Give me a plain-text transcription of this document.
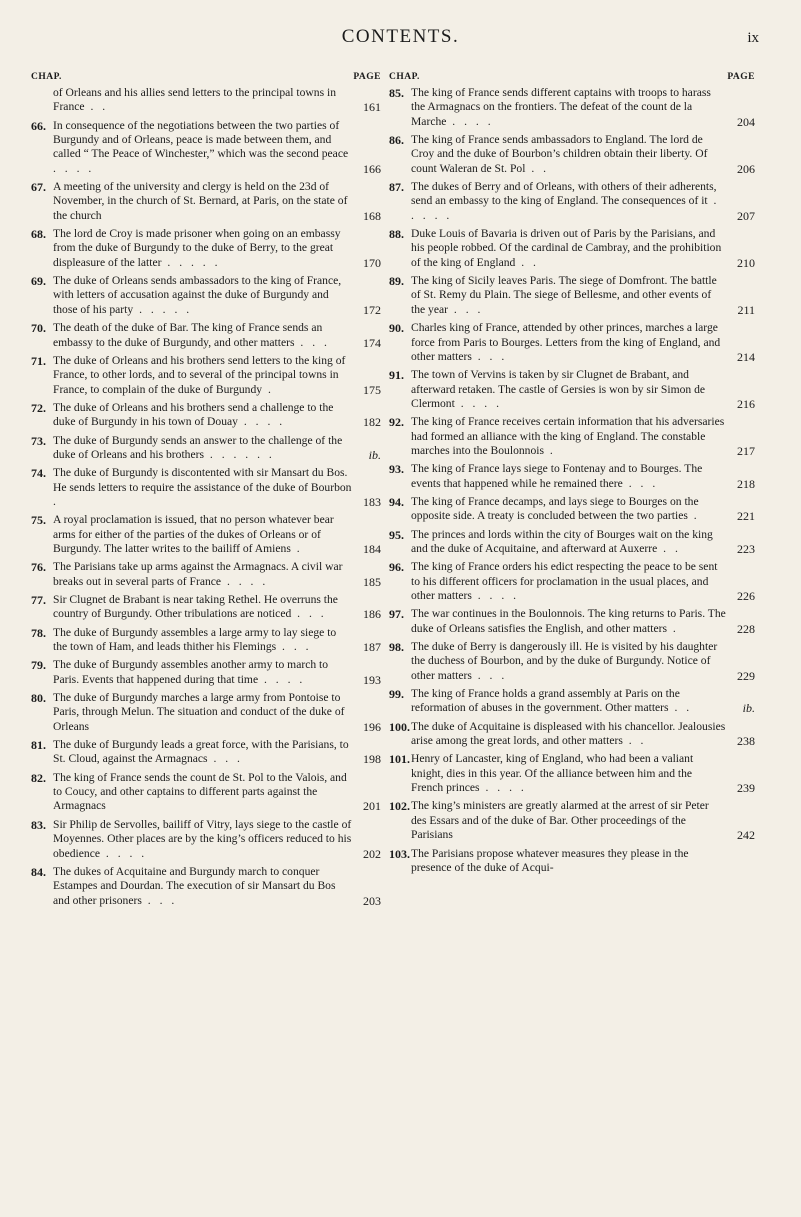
CONTENTS.	ix
CHAP.	PAGE
of Orleans and his allies send letters to the principal towns in France . .	161
66. In consequence of the negotiations between the two parties of Burgundy and of Orleans, peace is made between them, and called “ The Peace of Winchester,” which was the second peace . . . .	166
67. A meeting of the university and clergy is held on the 23d of November, in the church of St. Bernard, at Paris, on the state of the church	168
68. The lord de Croy is made prisoner when going on an embassy from the duke of Burgundy to the duke of Berry, to the great displeasure of the latter . . . . .	170
69. The duke of Orleans sends ambassadors to the king of France, with letters of accusation against the duke of Burgundy and those of his party . . . . .	172
70. The death of the duke of Bar. The king of France sends an embassy to the duke of Burgundy, and other matters . . .	174
71. The duke of Orleans and his brothers send letters to the king of France, to other lords, and to several of the principal towns in France, to complain of the duke of Burgundy .	175
72. The duke of Orleans and his brothers send a challenge to the duke of Burgundy in his town of Douay . . . .	182
73. The duke of Burgundy sends an answer to the challenge of the duke of Orleans and his brothers . . . . . .	ib.
74. The duke of Burgundy is discontented with sir Mansart du Bos. He sends letters to require the assistance of the duke of Bourbon .	183
75. A royal proclamation is issued, that no person whatever bear arms for either of the parties of the dukes of Orleans or of Burgundy. The latter writes to the bailiff of Amiens .	184
76. The Parisians take up arms against the Armagnacs. A civil war breaks out in several parts of France . . . .	185
77. Sir Clugnet de Brabant is near taking Rethel. He overruns the country of Burgundy. Other tribulations are noticed . . .	186
78. The duke of Burgundy assembles a large army to lay siege to the town of Ham, and leads thither his Flemings . . .	187
79. The duke of Burgundy assembles another army to march to Paris. Events that happened during that time . . . .	193
80. The duke of Burgundy marches a large army from Pontoise to Paris, through Melun. The situation and conduct of the duke of Orleans	196
81. The duke of Burgundy leads a great force, with the Parisians, to St. Cloud, against the Armagnacs . . .	198
82. The king of France sends the count de St. Pol to the Valois, and to Coucy, and other captains to different parts against the Armagnacs	201
83. Sir Philip de Servolles, bailiff of Vitry, lays siege to the castle of Moyennes. Other places are by the king’s officers reduced to his obedience . . . .	202
84. The dukes of Acquitaine and Burgundy march to conquer Estampes and Dourdan. The execution of sir Mansart du Bos and other prisoners . . .	203
CHAP.	PAGE
85. The king of France sends different captains with troops to harass the Armagnacs on the frontiers. The defeat of the count de la Marche . . . .	204
86. The king of France sends ambassadors to England. The lord de Croy and the duke of Bourbon’s children obtain their liberty. Of count Waleran de St. Pol . .	206
87. The dukes of Berry and of Orleans, with others of their adherents, send an embassy to the king of England. The consequences of it . . . . .	207
88. Duke Louis of Bavaria is driven out of Paris by the Parisians, and his people robbed. Of the cardinal de Cambray, and the prohibition of the king of England . .	210
89. The king of Sicily leaves Paris. The siege of Domfront. The battle of St. Remy du Plain. The siege of Bellesme, and other events of the year . . .	211
90. Charles king of France, attended by other princes, marches a large force from Paris to Bourges. Letters from the king of England, and other matters . . .	214
91. The town of Vervins is taken by sir Clugnet de Brabant, and afterward retaken. The castle of Gersies is won by sir Simon de Clermont . . . .	216
92. The king of France receives certain information that his adversaries had formed an alliance with the king of England. The constable marches into the Boulonnois .	217
93. The king of France lays siege to Fontenay and to Bourges. The events that happened while he remained there . . .	218
94. The king of France decamps, and lays siege to Bourges on the opposite side. A treaty is concluded between the two parties .	221
95. The princes and lords within the city of Bourges wait on the king and the duke of Acquitaine, and afterward at Auxerre . .	223
96. The king of France orders his edict respecting the peace to be sent to his different officers for proclamation in the usual places, and other matters . . . .	226
97. The war continues in the Boulonnois. The king returns to Paris. The duke of Orleans satisfies the English, and other matters .	228
98. The duke of Berry is dangerously ill. He is visited by his daughter the duchess of Bourbon, and by the duke of Burgundy. Notice of other matters . . .	229
99. The king of France holds a grand assembly at Paris on the reformation of abuses in the government. Other matters . .	ib.
100. The duke of Acquitaine is displeased with his chancellor. Jealousies arise among the great lords, and other matters . .	238
101. Henry of Lancaster, king of England, who had been a valiant knight, dies in this year. Of the alliance between him and the French princes . . . .	239
102. The king’s ministers are greatly alarmed at the arrest of sir Peter des Essars and of the duke of Bar. Other proceedings of the Parisians	242
103. The Parisians propose whatever measures they please in the presence of the duke of Acqui-
